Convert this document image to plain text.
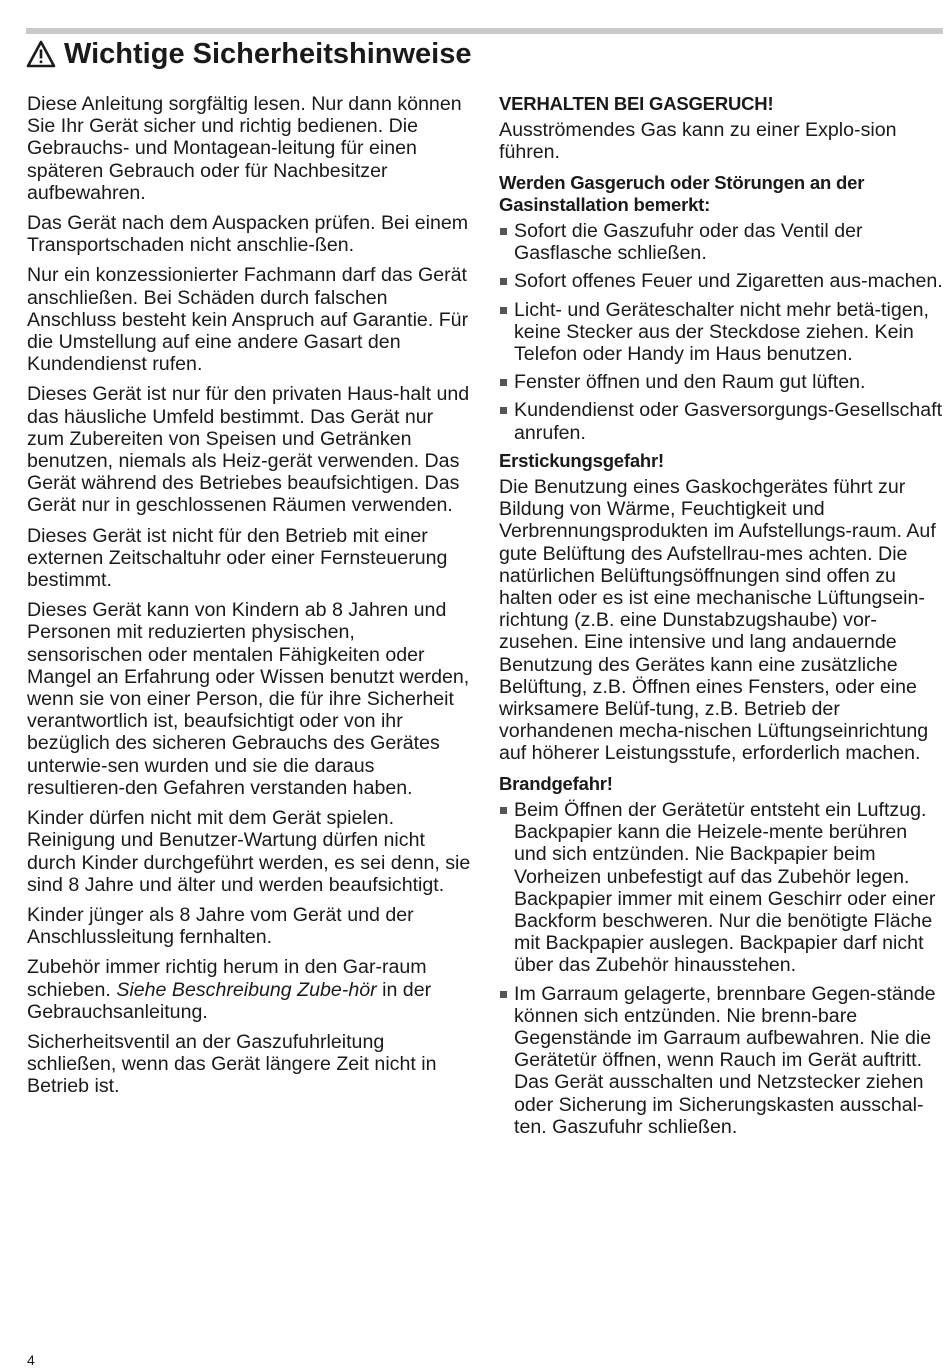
Wichtige Sicherheitshinweise

Diese Anleitung sorgfältig lesen. Nur dann können Sie Ihr Gerät sicher und richtig bedienen. Die Gebrauchs- und Montagean-leitung für einen späteren Gebrauch oder für Nachbesitzer aufbewahren.

Das Gerät nach dem Auspacken prüfen. Bei einem Transportschaden nicht anschlie-ßen.

Nur ein konzessionierter Fachmann darf das Gerät anschließen. Bei Schäden durch falschen Anschluss besteht kein Anspruch auf Garantie. Für die Umstellung auf eine andere Gasart den Kundendienst rufen.

Dieses Gerät ist nur für den privaten Haus-halt und das häusliche Umfeld bestimmt. Das Gerät nur zum Zubereiten von Speisen und Getränken benutzen, niemals als Heiz-gerät verwenden. Das Gerät während des Betriebes beaufsichtigen. Das Gerät nur in geschlossenen Räumen verwenden.

Dieses Gerät ist nicht für den Betrieb mit einer externen Zeitschaltuhr oder einer Fernsteuerung bestimmt.

Dieses Gerät kann von Kindern ab 8 Jahren und Personen mit reduzierten physischen, sensorischen oder mentalen Fähigkeiten oder Mangel an Erfahrung oder Wissen benutzt werden, wenn sie von einer Person, die für ihre Sicherheit verantwortlich ist, beaufsichtigt oder von ihr bezüglich des sicheren Gebrauchs des Gerätes unterwie-sen wurden und sie die daraus resultieren-den Gefahren verstanden haben.

Kinder dürfen nicht mit dem Gerät spielen. Reinigung und Benutzer-Wartung dürfen nicht durch Kinder durchgeführt werden, es sei denn, sie sind 8 Jahre und älter und werden beaufsichtigt.

Kinder jünger als 8 Jahre vom Gerät und der Anschlussleitung fernhalten.

Zubehör immer richtig herum in den Gar-raum schieben. Siehe Beschreibung Zube-hör in der Gebrauchsanleitung.

Sicherheitsventil an der Gaszufuhrleitung schließen, wenn das Gerät längere Zeit nicht in Betrieb ist.

VERHALTEN BEI GASGERUCH!

Ausströmendes Gas kann zu einer Explo-sion führen.

Werden Gasgeruch oder Störungen an der Gasinstallation bemerkt:
Sofort die Gaszufuhr oder das Ventil der Gasflasche schließen.
Sofort offenes Feuer und Zigaretten aus-machen.
Licht- und Geräteschalter nicht mehr betä-tigen, keine Stecker aus der Steckdose ziehen. Kein Telefon oder Handy im Haus benutzen.
Fenster öffnen und den Raum gut lüften.
Kundendienst oder Gasversorgungs-Gesellschaft anrufen.
Erstickungsgefahr!

Die Benutzung eines Gaskochgerätes führt zur Bildung von Wärme, Feuchtigkeit und Verbrennungsprodukten im Aufstellungs-raum. Auf gute Belüftung des Aufstellrau-mes achten. Die natürlichen Belüftungsöffnungen sind offen zu halten oder es ist eine mechanische Lüftungsein-richtung (z.B. eine Dunstabzugshaube) vor-zusehen. Eine intensive und lang andauernde Benutzung des Gerätes kann eine zusätzliche Belüftung, z.B. Öffnen eines Fensters, oder eine wirksamere Belüf-tung, z.B. Betrieb der vorhandenen mecha-nischen Lüftungseinrichtung auf höherer Leistungsstufe, erforderlich machen.

Brandgefahr!
Beim Öffnen der Gerätetür entsteht ein Luftzug. Backpapier kann die Heizele-mente berühren und sich entzünden. Nie Backpapier beim Vorheizen unbefestigt auf das Zubehör legen. Backpapier immer mit einem Geschirr oder einer Backform beschweren. Nur die benötigte Fläche mit Backpapier auslegen. Backpapier darf nicht über das Zubehör hinausstehen.
Im Garraum gelagerte, brennbare Gegen-stände können sich entzünden. Nie brenn-bare Gegenstände im Garraum aufbewahren. Nie die Gerätetür öffnen, wenn Rauch im Gerät auftritt. Das Gerät ausschalten und Netzstecker ziehen oder Sicherung im Sicherungskasten ausschal-ten. Gaszufuhr schließen.
4
